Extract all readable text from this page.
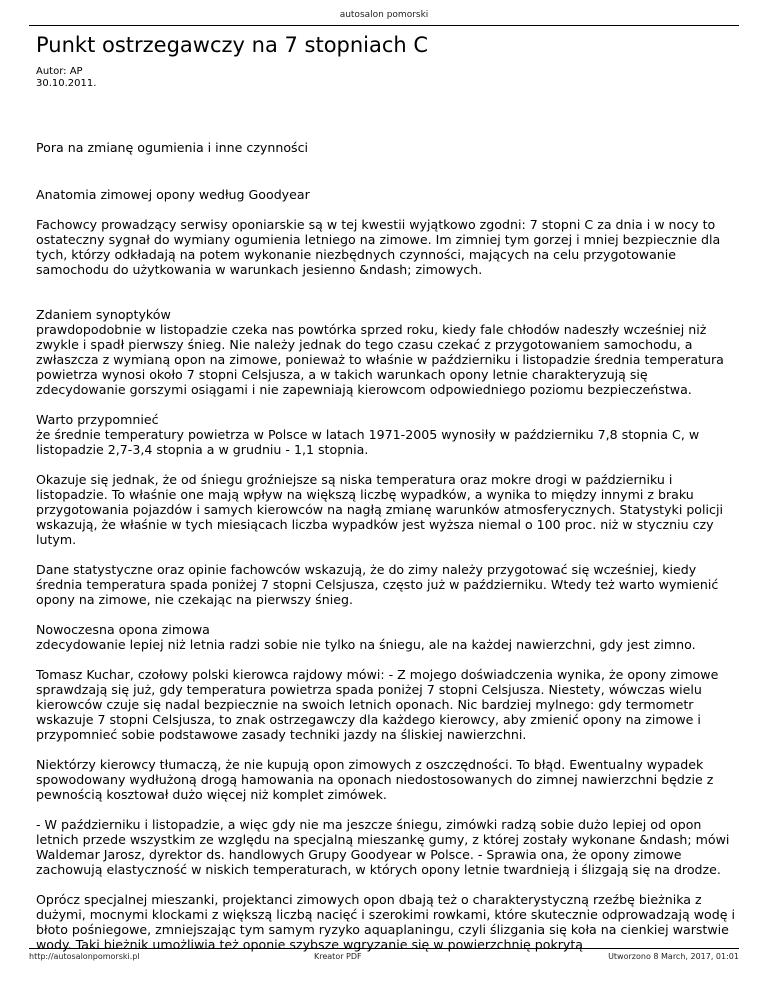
autosalon pomorski
Punkt ostrzegawczy na 7 stopniach C
Autor: AP
30.10.2011.

Pora na zmianę ogumienia i inne czynności

Anatomia zimowej opony według Goodyear

Fachowcy prowadzący serwisy oponiarskie są w tej kwestii wyjątkowo zgodni: 7 stopni C za dnia i w nocy to ostateczny sygnał do wymiany ogumienia letniego na zimowe. Im zimniej tym gorzej i mniej bezpiecznie dla tych, którzy odkładają na potem wykonanie niezbędnych czynności, mających na celu przygotowanie samochodu do użytkowania w warunkach jesienno &ndash; zimowych.

Zdaniem synoptyków
prawdopodobnie w listopadzie czeka nas powtórka sprzed roku, kiedy fale chłodów nadeszły wcześniej niż zwykle i spadł pierwszy śnieg. Nie należy jednak do tego czasu czekać z przygotowaniem samochodu, a zwłaszcza z wymianą opon na zimowe, ponieważ to właśnie w październiku i listopadzie średnia temperatura powietrza wynosi około 7 stopni Celsjusza, a w takich warunkach opony letnie charakteryzują się zdecydowanie gorszymi osiągami i nie zapewniają kierowcom odpowiedniego poziomu bezpieczeństwa.

Warto przypomnieć
że średnie temperatury powietrza w Polsce w latach 1971-2005 wynosiły w październiku 7,8 stopnia C, w listopadzie 2,7-3,4 stopnia a w grudniu - 1,1 stopnia.

Okazuje się jednak, że od śniegu groźniejsze są niska temperatura oraz mokre drogi w październiku i listopadzie. To właśnie one mają wpływ na większą liczbę wypadków, a wynika to między innymi z braku przygotowania pojazdów i samych kierowców na nagłą zmianę warunków atmosferycznych. Statystyki policji wskazują, że właśnie w tych miesiącach liczba wypadków jest wyższa niemal o 100 proc. niż w styczniu czy lutym.

Dane statystyczne oraz opinie fachowców wskazują, że do zimy należy przygotować się wcześniej, kiedy średnia temperatura spada poniżej 7 stopni Celsjusza, często już w październiku. Wtedy też warto wymienić opony na zimowe, nie czekając na pierwszy śnieg.

Nowoczesna opona zimowa
zdecydowanie lepiej niż letnia radzi sobie nie tylko na śniegu, ale na każdej nawierzchni, gdy jest zimno.

Tomasz Kuchar, czołowy polski kierowca rajdowy mówi: - Z mojego doświadczenia wynika, że opony zimowe sprawdzają się już, gdy temperatura powietrza spada poniżej 7 stopni Celsjusza. Niestety, wówczas wielu kierowców czuje się nadal bezpiecznie na swoich letnich oponach. Nic bardziej mylnego: gdy termometr wskazuje 7 stopni Celsjusza, to znak ostrzegawczy dla każdego kierowcy, aby zmienić opony na zimowe i przypomnieć sobie podstawowe zasady techniki jazdy na śliskiej nawierzchni.

Niektórzy kierowcy tłumaczą, że nie kupują opon zimowych z oszczędności. To błąd. Ewentualny wypadek spowodowany wydłużoną drogą hamowania na oponach niedostosowanych do zimnej nawierzchni będzie z pewnością kosztował dużo więcej niż komplet zimówek.

- W październiku i listopadzie, a więc gdy nie ma jeszcze śniegu, zimówki radzą sobie dużo lepiej od opon letnich przede wszystkim ze względu na specjalną mieszankę gumy, z której zostały wykonane &ndash; mówi Waldemar Jarosz, dyrektor ds. handlowych Grupy Goodyear w Polsce. - Sprawia ona, że opony zimowe zachowują elastyczność w niskich temperaturach, w których opony letnie twardnieją i ślizgają się na drodze.

Oprócz specjalnej mieszanki, projektanci zimowych opon dbają też o charakterystyczną rzeźbę bieżnika z dużymi, mocnymi klockami z większą liczbą nacięć i szerokimi rowkami, które skutecznie odprowadzają wodę i błoto pośniegowe, zmniejszając tym samym ryzyko aquaplaningu, czyli ślizgania się koła na cienkiej warstwie wody. Taki bieżnik umożliwia też oponie szybsze wgryzanie się w powierzchnię pokrytą

http://autosalonpomorski.pl	Kreator PDF	Utworzono 8 March, 2017, 01:01
